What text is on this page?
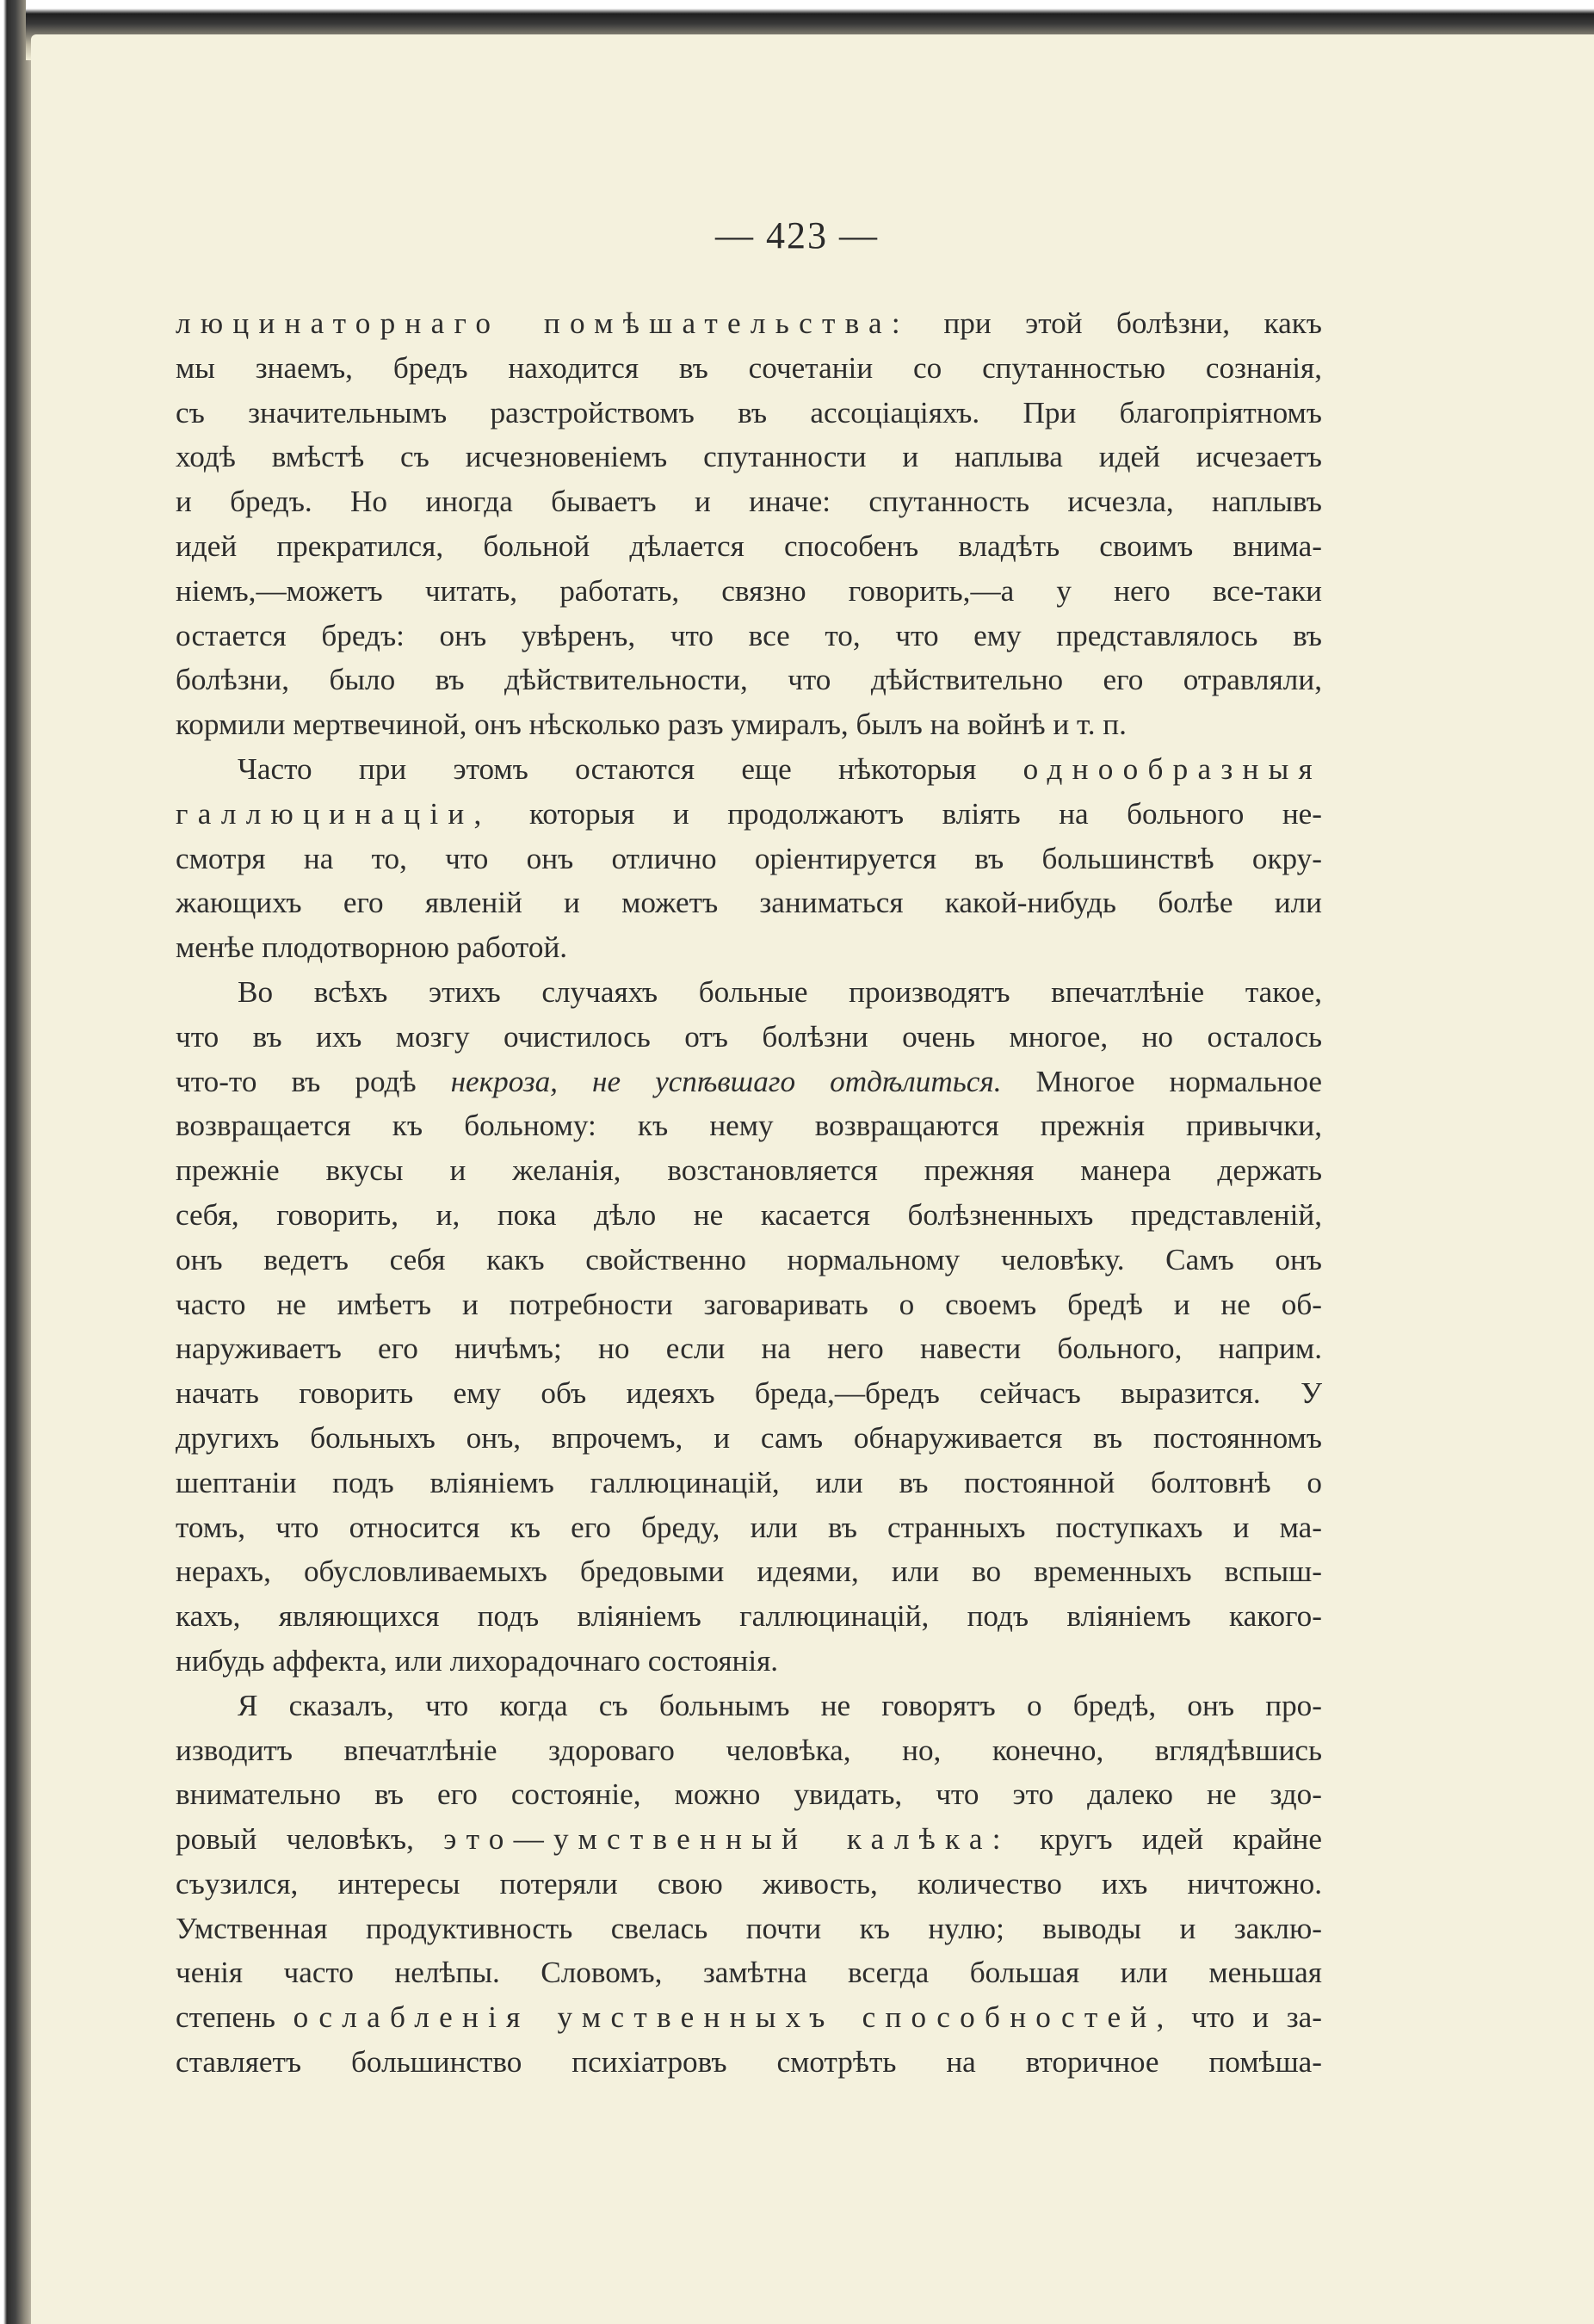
— 423 —
люцинаторнаго помѣшательства: при этой болѣзни, какъ
мы знаемъ, бредъ находится въ сочетаніи со спутанностью сознанія,
съ значительнымъ разстройствомъ въ ассоціаціяхъ. При благопріятномъ
ходѣ вмѣстѣ съ исчезновеніемъ спутанности и наплыва идей исчезаетъ
и бредъ. Но иногда бываетъ и иначе: спутанность исчезла, наплывъ
идей прекратился, больной дѣлается способенъ владѣть своимъ внима-
ніемъ,—можетъ читать, работать, связно говорить,—а у него все-таки
остается бредъ: онъ увѣренъ, что все то, что ему представлялось въ
болѣзни, было въ дѣйствительности, что дѣйствительно его отравляли,
кормили мертвечиной, онъ нѣсколько разъ умиралъ, былъ на войнѣ и т. п.
Часто при этомъ остаются еще нѣкоторыя однообразныя
галлюцинаціи, которыя и продолжаютъ вліять на больного не-
смотря на то, что онъ отлично оріентируется въ большинствѣ окру-
жающихъ его явленій и можетъ заниматься какой-нибудь болѣе или
менѣе плодотворною работой.
Во всѣхъ этихъ случаяхъ больные производятъ впечатлѣніе такое,
что въ ихъ мозгу очистилось отъ болѣзни очень многое, но осталось
что-то въ родѣ некроза, не успѣвшаго отдѣлиться. Многое нормальное
возвращается къ больному: къ нему возвращаются прежнія привычки,
прежніе вкусы и желанія, возстановляется прежняя манера держать
себя, говорить, и, пока дѣло не касается болѣзненныхъ представленій,
онъ ведетъ себя какъ свойственно нормальному человѣку. Самъ онъ
часто не имѣетъ и потребности заговаривать о своемъ бредѣ и не об-
наруживаетъ его ничѣмъ; но если на него навести больного, наприм.
начать говорить ему объ идеяхъ бреда,—бредъ сейчасъ выразится. У
другихъ больныхъ онъ, впрочемъ, и самъ обнаруживается въ постоянномъ
шептаніи подъ вліяніемъ галлюцинацій, или въ постоянной болтовнѣ о
томъ, что относится къ его бреду, или въ странныхъ поступкахъ и ма-
нерахъ, обусловливаемыхъ бредовыми идеями, или во временныхъ вспыш-
кахъ, являющихся подъ вліяніемъ галлюцинацій, подъ вліяніемъ какого-
нибудь аффекта, или лихорадочнаго состоянія.
Я сказалъ, что когда съ больнымъ не говорятъ о бредѣ, онъ про-
изводитъ впечатлѣніе здороваго человѣка, но, конечно, вглядѣвшись
внимательно въ его состояніе, можно увидать, что это далеко не здо-
ровый человѣкъ, это—умственный калѣка: кругъ идей крайне
съузился, интересы потеряли свою живость, количество ихъ ничтожно.
Умственная продуктивность свелась почти къ нулю; выводы и заклю-
ченія часто нелѣпы. Словомъ, замѣтна всегда большая или меньшая
степень ослабленія умственныхъ способностей, что и за-
ставляетъ большинство психіатровъ смотрѣть на вторичное помѣша-
